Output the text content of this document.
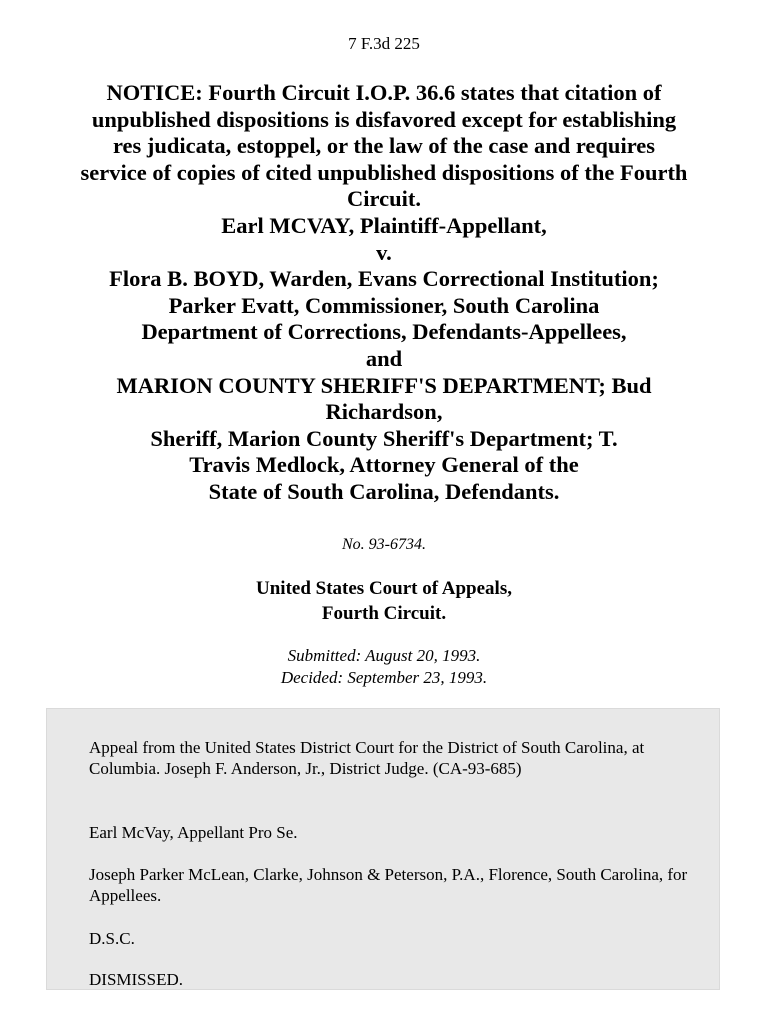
7 F.3d 225
NOTICE: Fourth Circuit I.O.P. 36.6 states that citation of
unpublished dispositions is disfavored except for establishing
res judicata, estoppel, or the law of the case and requires
service of copies of cited unpublished dispositions of the Fourth
Circuit.
Earl MCVAY, Plaintiff-Appellant,
v.
Flora B. BOYD, Warden, Evans Correctional Institution;
Parker Evatt, Commissioner, South Carolina
Department of Corrections, Defendants-Appellees,
and
MARION COUNTY SHERIFF'S DEPARTMENT; Bud
Richardson,
Sheriff, Marion County Sheriff's Department; T.
Travis Medlock, Attorney General of the
State of South Carolina, Defendants.
No. 93-6734.
United States Court of Appeals,
Fourth Circuit.
Submitted: August 20, 1993.
Decided: September 23, 1993.

Appeal from the United States District Court for the District of South Carolina, at Columbia. Joseph F. Anderson, Jr., District Judge. (CA-93-685)

Earl McVay, Appellant Pro Se.

Joseph Parker McLean, Clarke, Johnson & Peterson, P.A., Florence, South Carolina, for Appellees.

D.S.C.

DISMISSED.
